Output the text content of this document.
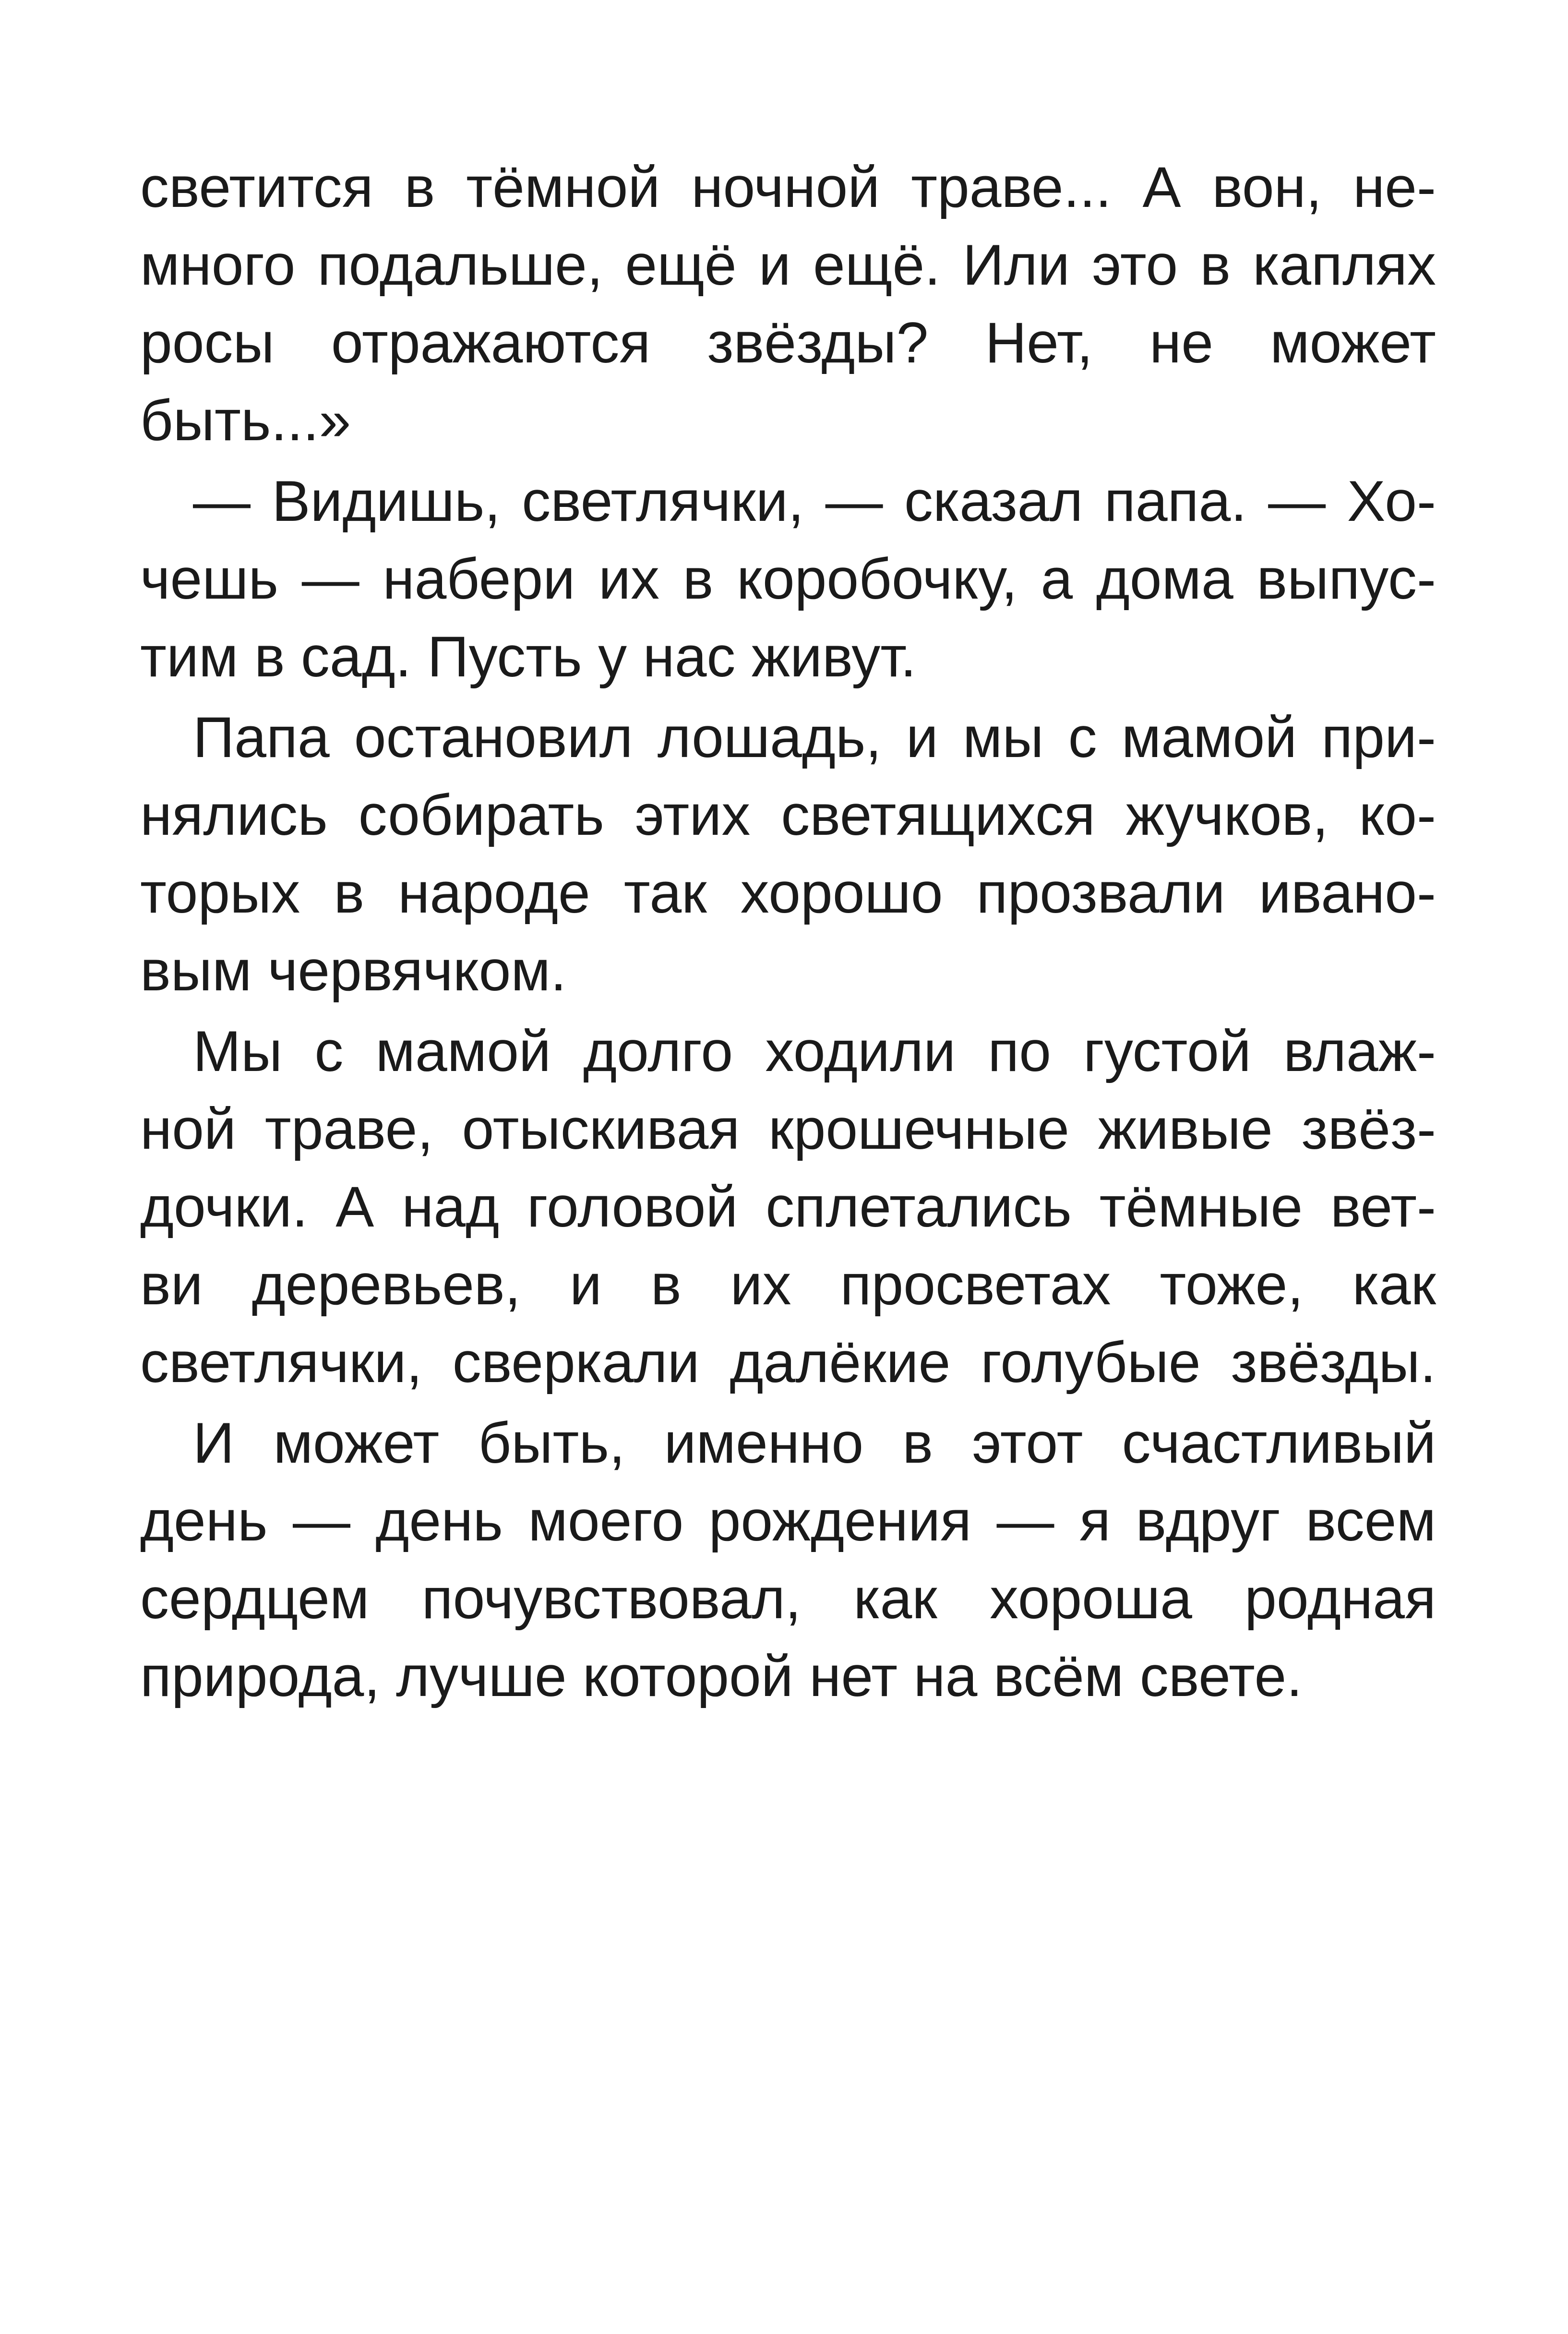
светится в тёмной ночной траве... А вон, не-
много подальше, ещё и ещё. Или это в каплях
росы отражаются звёзды? Нет, не может
быть...»
— Видишь, светлячки, — сказал папа. — Хо-
чешь — набери их в коробочку, а дома выпус-
тим в сад. Пусть у нас живут.
Папа остановил лошадь, и мы с мамой при-
нялись собирать этих светящихся жучков, ко-
торых в народе так хорошо прозвали ивано-
вым червячком.
Мы с мамой долго ходили по густой влаж-
ной траве, отыскивая крошечные живые звёз-
дочки. А над головой сплетались тёмные вет-
ви деревьев, и в их просветах тоже, как
светлячки, сверкали далёкие голубые звёзды.
И может быть, именно в этот счастливый
день — день моего рождения — я вдруг всем
сердцем почувствовал, как хороша родная
природа, лучше которой нет на всём свете.
